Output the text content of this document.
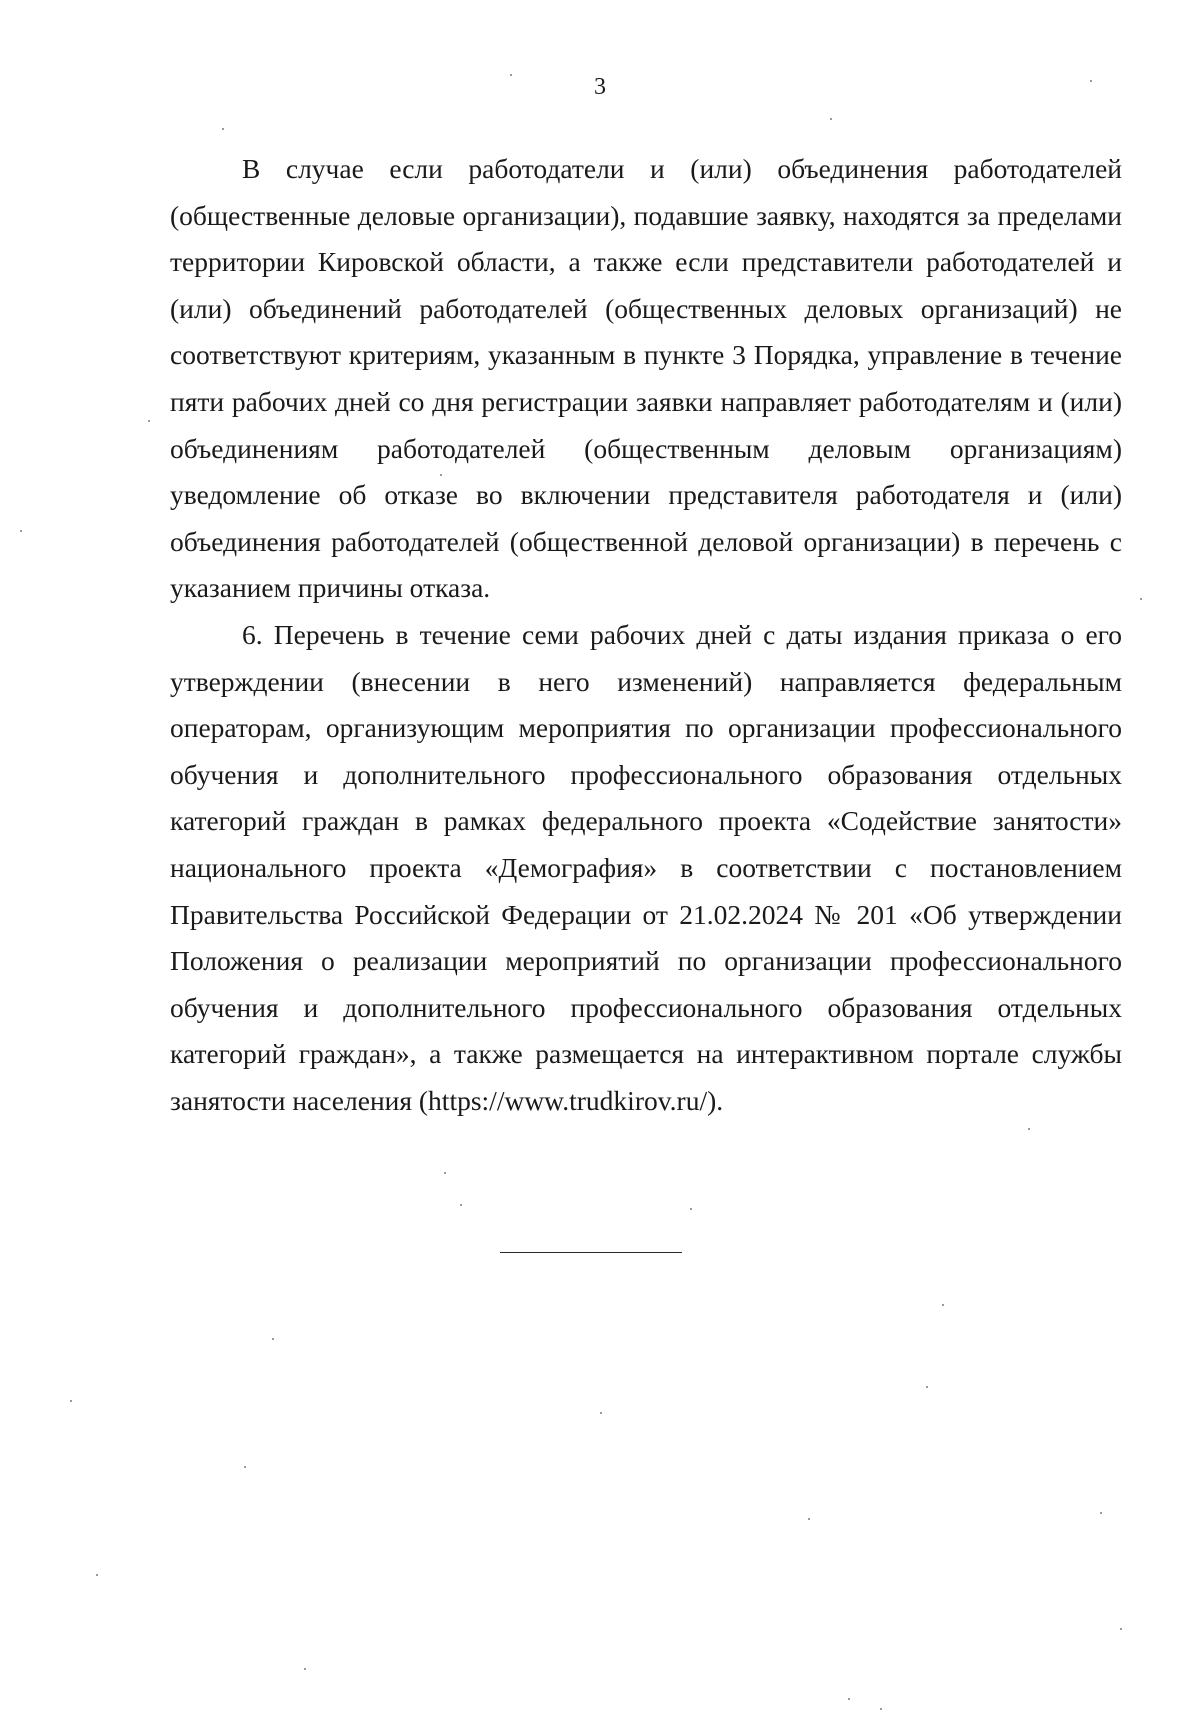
3

В случае если работодатели и (или) объединения работодателей (общественные деловые организации), подавшие заявку, находятся за пределами территории Кировской области, а также если представители работодателей и (или) объединений работодателей (общественных деловых организаций) не соответствуют критериям, указанным в пункте 3 Порядка, управление в течение пяти рабочих дней со дня регистрации заявки направляет работодателям и (или) объединениям работодателей (общественным деловым организациям) уведомление об отказе во включении представителя работодателя и (или) объединения работодателей (общественной деловой организации) в перечень с указанием причины отказа.

6. Перечень в течение семи рабочих дней с даты издания приказа о его утверждении (внесении в него изменений) направляется федеральным операторам, организующим мероприятия по организации профессионального обучения и дополнительного профессионального образования отдельных категорий граждан в рамках федерального проекта «Содействие занятости» национального проекта «Демография» в соответствии с постановлением Правительства Российской Федерации от 21.02.2024 № 201 «Об утверждении Положения о реализации мероприятий по организации профессионального обучения и дополнительного профессионального образования отдельных категорий граждан», а также размещается на интерактивном портале службы занятости населения (https://www.trudkirov.ru/).
